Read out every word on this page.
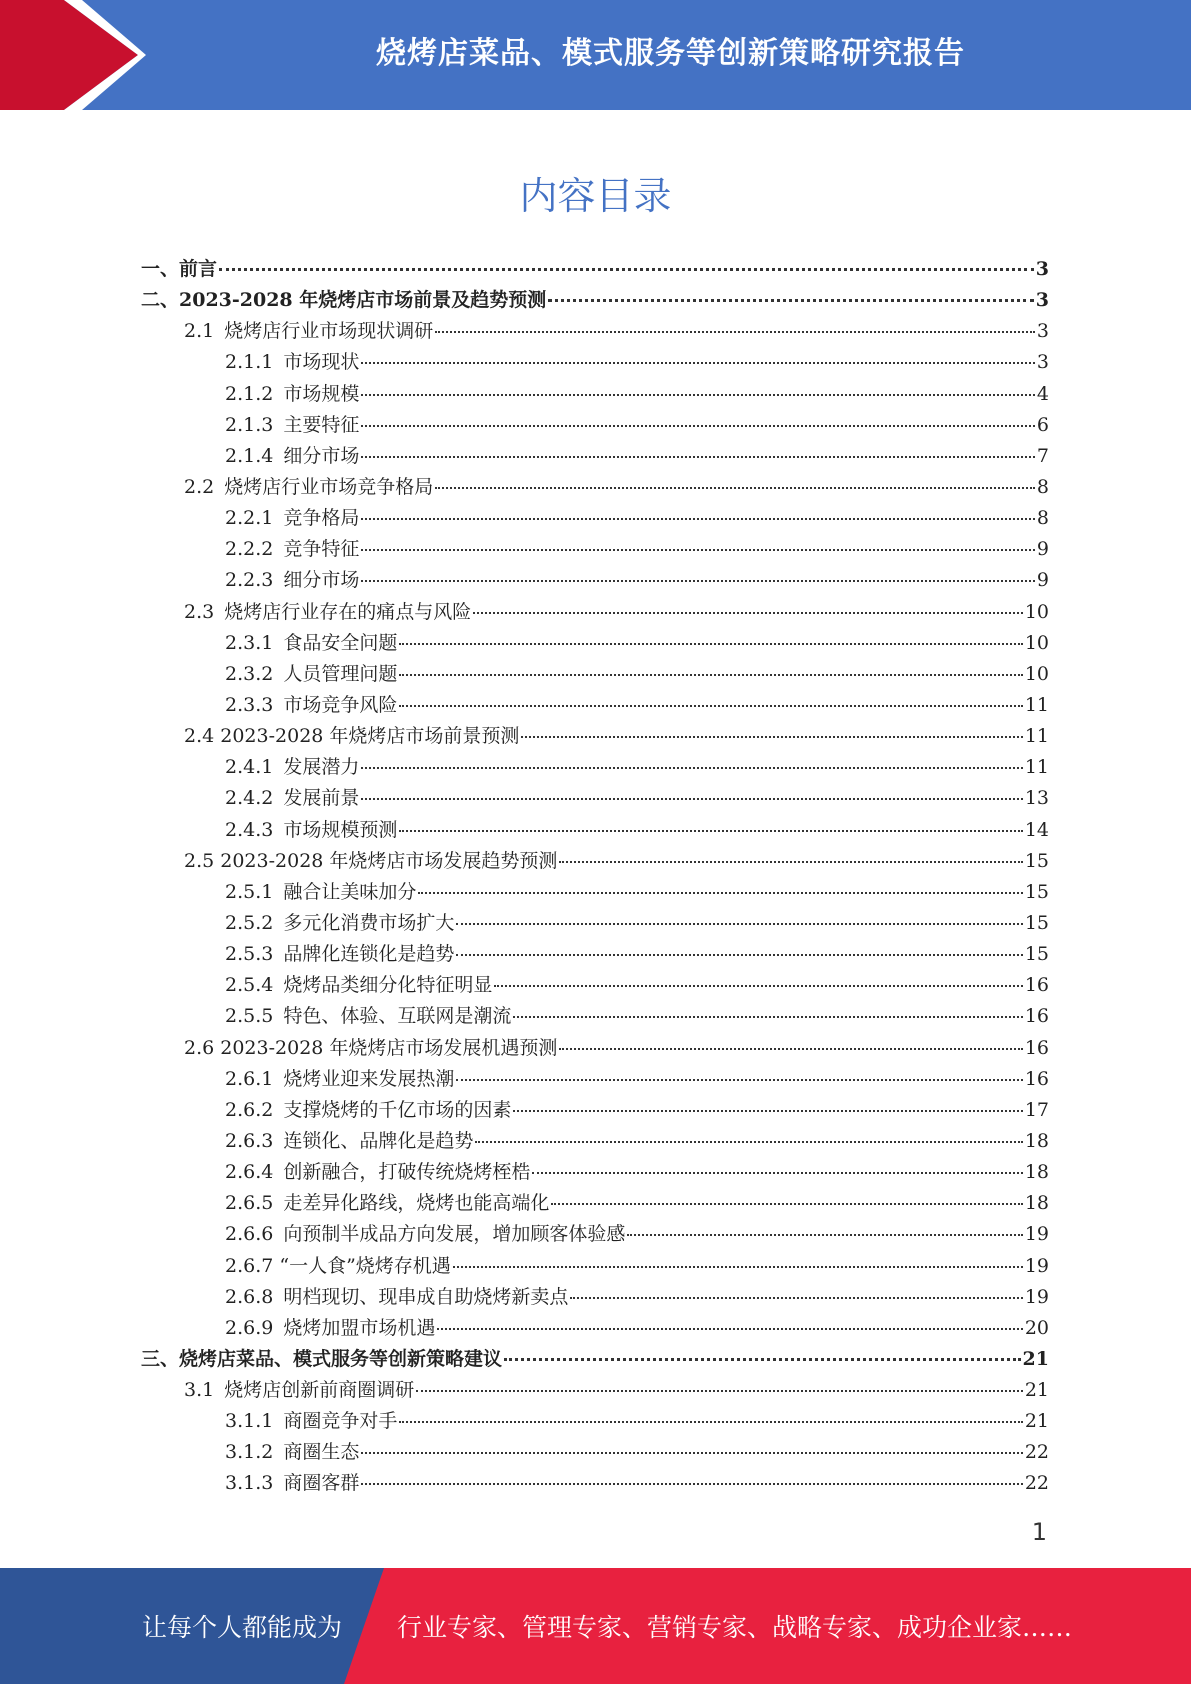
烧烤店菜品、模式服务等创新策略研究报告
内容目录
一、前言	3
二、2023-2028 年烧烤店市场前景及趋势预测	3
2.1 烧烤店行业市场现状调研	3
2.1.1 市场现状	3
2.1.2 市场规模	4
2.1.3 主要特征	6
2.1.4 细分市场	7
2.2 烧烤店行业市场竞争格局	8
2.2.1 竞争格局	8
2.2.2 竞争特征	9
2.2.3 细分市场	9
2.3 烧烤店行业存在的痛点与风险	10
2.3.1 食品安全问题	10
2.3.2 人员管理问题	10
2.3.3 市场竞争风险	11
2.4 2023-2028 年烧烤店市场前景预测	11
2.4.1 发展潜力	11
2.4.2 发展前景	13
2.4.3 市场规模预测	14
2.5 2023-2028 年烧烤店市场发展趋势预测	15
2.5.1 融合让美味加分	15
2.5.2 多元化消费市场扩大	15
2.5.3 品牌化连锁化是趋势	15
2.5.4 烧烤品类细分化特征明显	16
2.5.5 特色、体验、互联网是潮流	16
2.6 2023-2028 年烧烤店市场发展机遇预测	16
2.6.1 烧烤业迎来发展热潮	16
2.6.2 支撑烧烤的千亿市场的因素	17
2.6.3 连锁化、品牌化是趋势	18
2.6.4 创新融合，打破传统烧烤桎梏	18
2.6.5 走差异化路线，烧烤也能高端化	18
2.6.6 向预制半成品方向发展，增加顾客体验感	19
2.6.7 “一人食”烧烤存机遇	19
2.6.8 明档现切、现串成自助烧烤新卖点	19
2.6.9 烧烤加盟市场机遇	20
三、烧烤店菜品、模式服务等创新策略建议	21
3.1 烧烤店创新前商圈调研	21
3.1.1 商圈竞争对手	21
3.1.2 商圈生态	22
3.1.3 商圈客群	22
1
让每个人都能成为 行业专家、管理专家、营销专家、战略专家、成功企业家……
